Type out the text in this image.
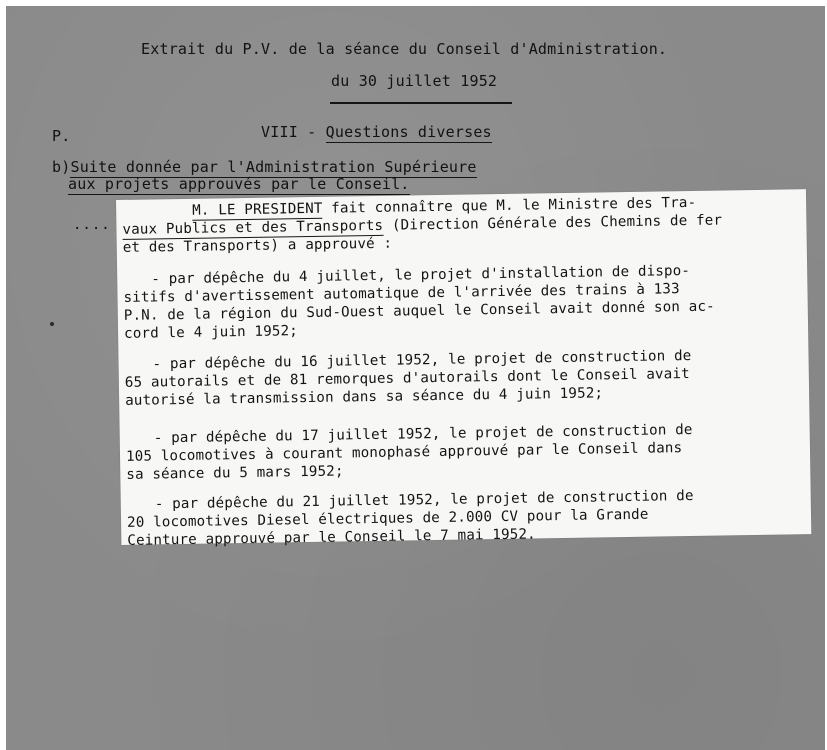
Extrait du P.V. de la séance du Conseil d'Administration.
du 30 juillet 1952
P.	VIII - Questions diverses
b)Suite donnée par l'Administration Supérieure
aux projets approuvés par le Conseil.
....
M. LE PRESIDENT fait connaître que M. le Ministre des Tra-
vaux Publics et des Transports (Direction Générale des Chemins de fer
et des Transports) a approuvé :
- par dépêche du 4 juillet, le projet d'installation de dispo-
sitifs d'avertissement automatique de l'arrivée des trains à 133
P.N. de la région du Sud-Ouest auquel le Conseil avait donné son ac-
cord le 4 juin 1952;
- par dépêche du 16 juillet 1952, le projet de construction de
65 autorails et de 81 remorques d'autorails dont le Conseil avait
autorisé la transmission dans sa séance du 4 juin 1952;
- par dépêche du 17 juillet 1952, le projet de construction de
105 locomotives à courant monophasé approuvé par le Conseil dans
sa séance du 5 mars 1952;
- par dépêche du 21 juillet 1952, le projet de construction de
20 locomotives Diesel électriques de 2.000 CV pour la Grande
Ceinture approuvé par le Conseil le 7 mai 1952.
